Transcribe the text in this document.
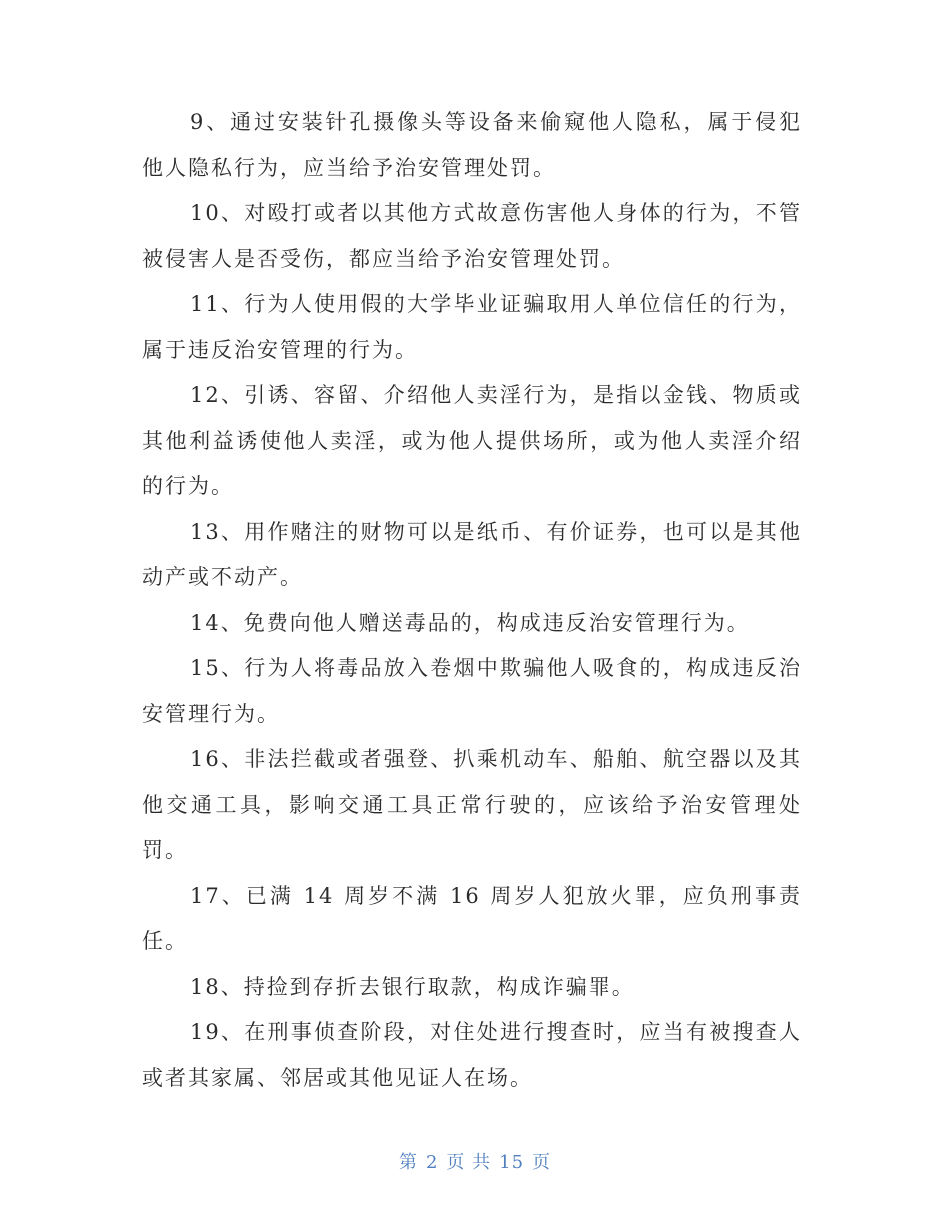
9、通过安装针孔摄像头等设备来偷窥他人隐私，属于侵犯他人隐私行为，应当给予治安管理处罚。

10、对殴打或者以其他方式故意伤害他人身体的行为，不管被侵害人是否受伤，都应当给予治安管理处罚。

11、行为人使用假的大学毕业证骗取用人单位信任的行为，属于违反治安管理的行为。

12、引诱、容留、介绍他人卖淫行为，是指以金钱、物质或其他利益诱使他人卖淫，或为他人提供场所，或为他人卖淫介绍的行为。

13、用作赌注的财物可以是纸币、有价证券，也可以是其他动产或不动产。

14、免费向他人赠送毒品的，构成违反治安管理行为。

15、行为人将毒品放入卷烟中欺骗他人吸食的，构成违反治安管理行为。

16、非法拦截或者强登、扒乘机动车、船舶、航空器以及其他交通工具，影响交通工具正常行驶的，应该给予治安管理处罚。

17、已满 14 周岁不满 16 周岁人犯放火罪，应负刑事责任。

18、持捡到存折去银行取款，构成诈骗罪。

19、在刑事侦查阶段，对住处进行搜查时，应当有被搜查人或者其家属、邻居或其他见证人在场。

第 2 页 共 15 页
